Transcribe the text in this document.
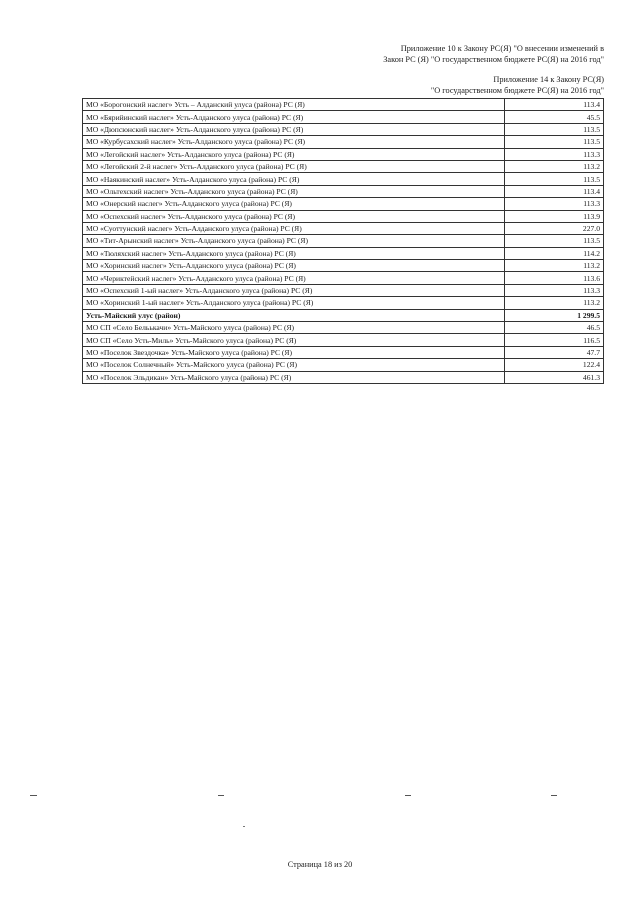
Приложение 10 к Закону РС(Я) "О внесении изменений в
Закон РС (Я) "О государственном бюджете РС(Я) на 2016 год"
Приложение 14 к Закону РС(Я)
"О государственном бюджете РС(Я) на 2016 год"
МО «Борогонский наслег» Усть – Алданский улуса (района) РС (Я)	113.4
МО «Бярийинский наслег» Усть-Алданского улуса (района) РС (Я)	45.5
МО «Дюпсюнский наслег» Усть-Алданского улуса (района) РС (Я)	113.5
МО «Курбусахский наслег» Усть-Алданского улуса (района) РС (Я)	113.5
МО «Легойский наслег» Усть-Алданского улуса (района) РС (Я)	113.3
МО «Легойский 2-й наслег» Усть-Алданского улуса (района) РС (Я)	113.2
МО «Наякинский наслег» Усть-Алданского улуса (района) РС (Я)	113.5
МО «Ольтехский наслег» Усть-Алданского улуса (района) РС (Я)	113.4
МО «Онерский наслег» Усть-Алданского улуса (района) РС (Я)	113.3
МО «Оспехский наслег» Усть-Алданского улуса (района) РС (Я)	113.9
МО «Суоттунский наслег» Усть-Алданского улуса (района) РС (Я)	227.0
МО «Тит-Арынский наслег» Усть-Алданского улуса (района) РС (Я)	113.5
МО «Тюляхский наслег» Усть-Алданского улуса (района) РС (Я)	114.2
МО «Хоринский наслег» Усть-Алданского улуса (района) РС (Я)	113.2
МО «Чериктейский наслег» Усть-Алданского улуса (района) РС (Я)	113.6
МО «Оспехский 1-ый наслег» Усть-Алданского улуса (района) РС (Я)	113.3
МО «Хоринский 1-ый наслег» Усть-Алданского улуса (района) РС (Я)	113.2
Усть-Майский улус (район)	1 299.5
МО СП «Село Бельькачи» Усть-Майского улуса (района) РС (Я)	46.5
МО СП «Село Усть-Миль» Усть-Майского улуса (района) РС (Я)	116.5
МО «Поселок Звездочка» Усть-Майского улуса (района) РС (Я)	47.7
МО «Поселок Солнечный» Усть-Майского улуса (района) РС (Я)	122.4
МО «Поселок Эльдикан» Усть-Майского улуса (района) РС (Я)	461.3
Страница 18 из 20
